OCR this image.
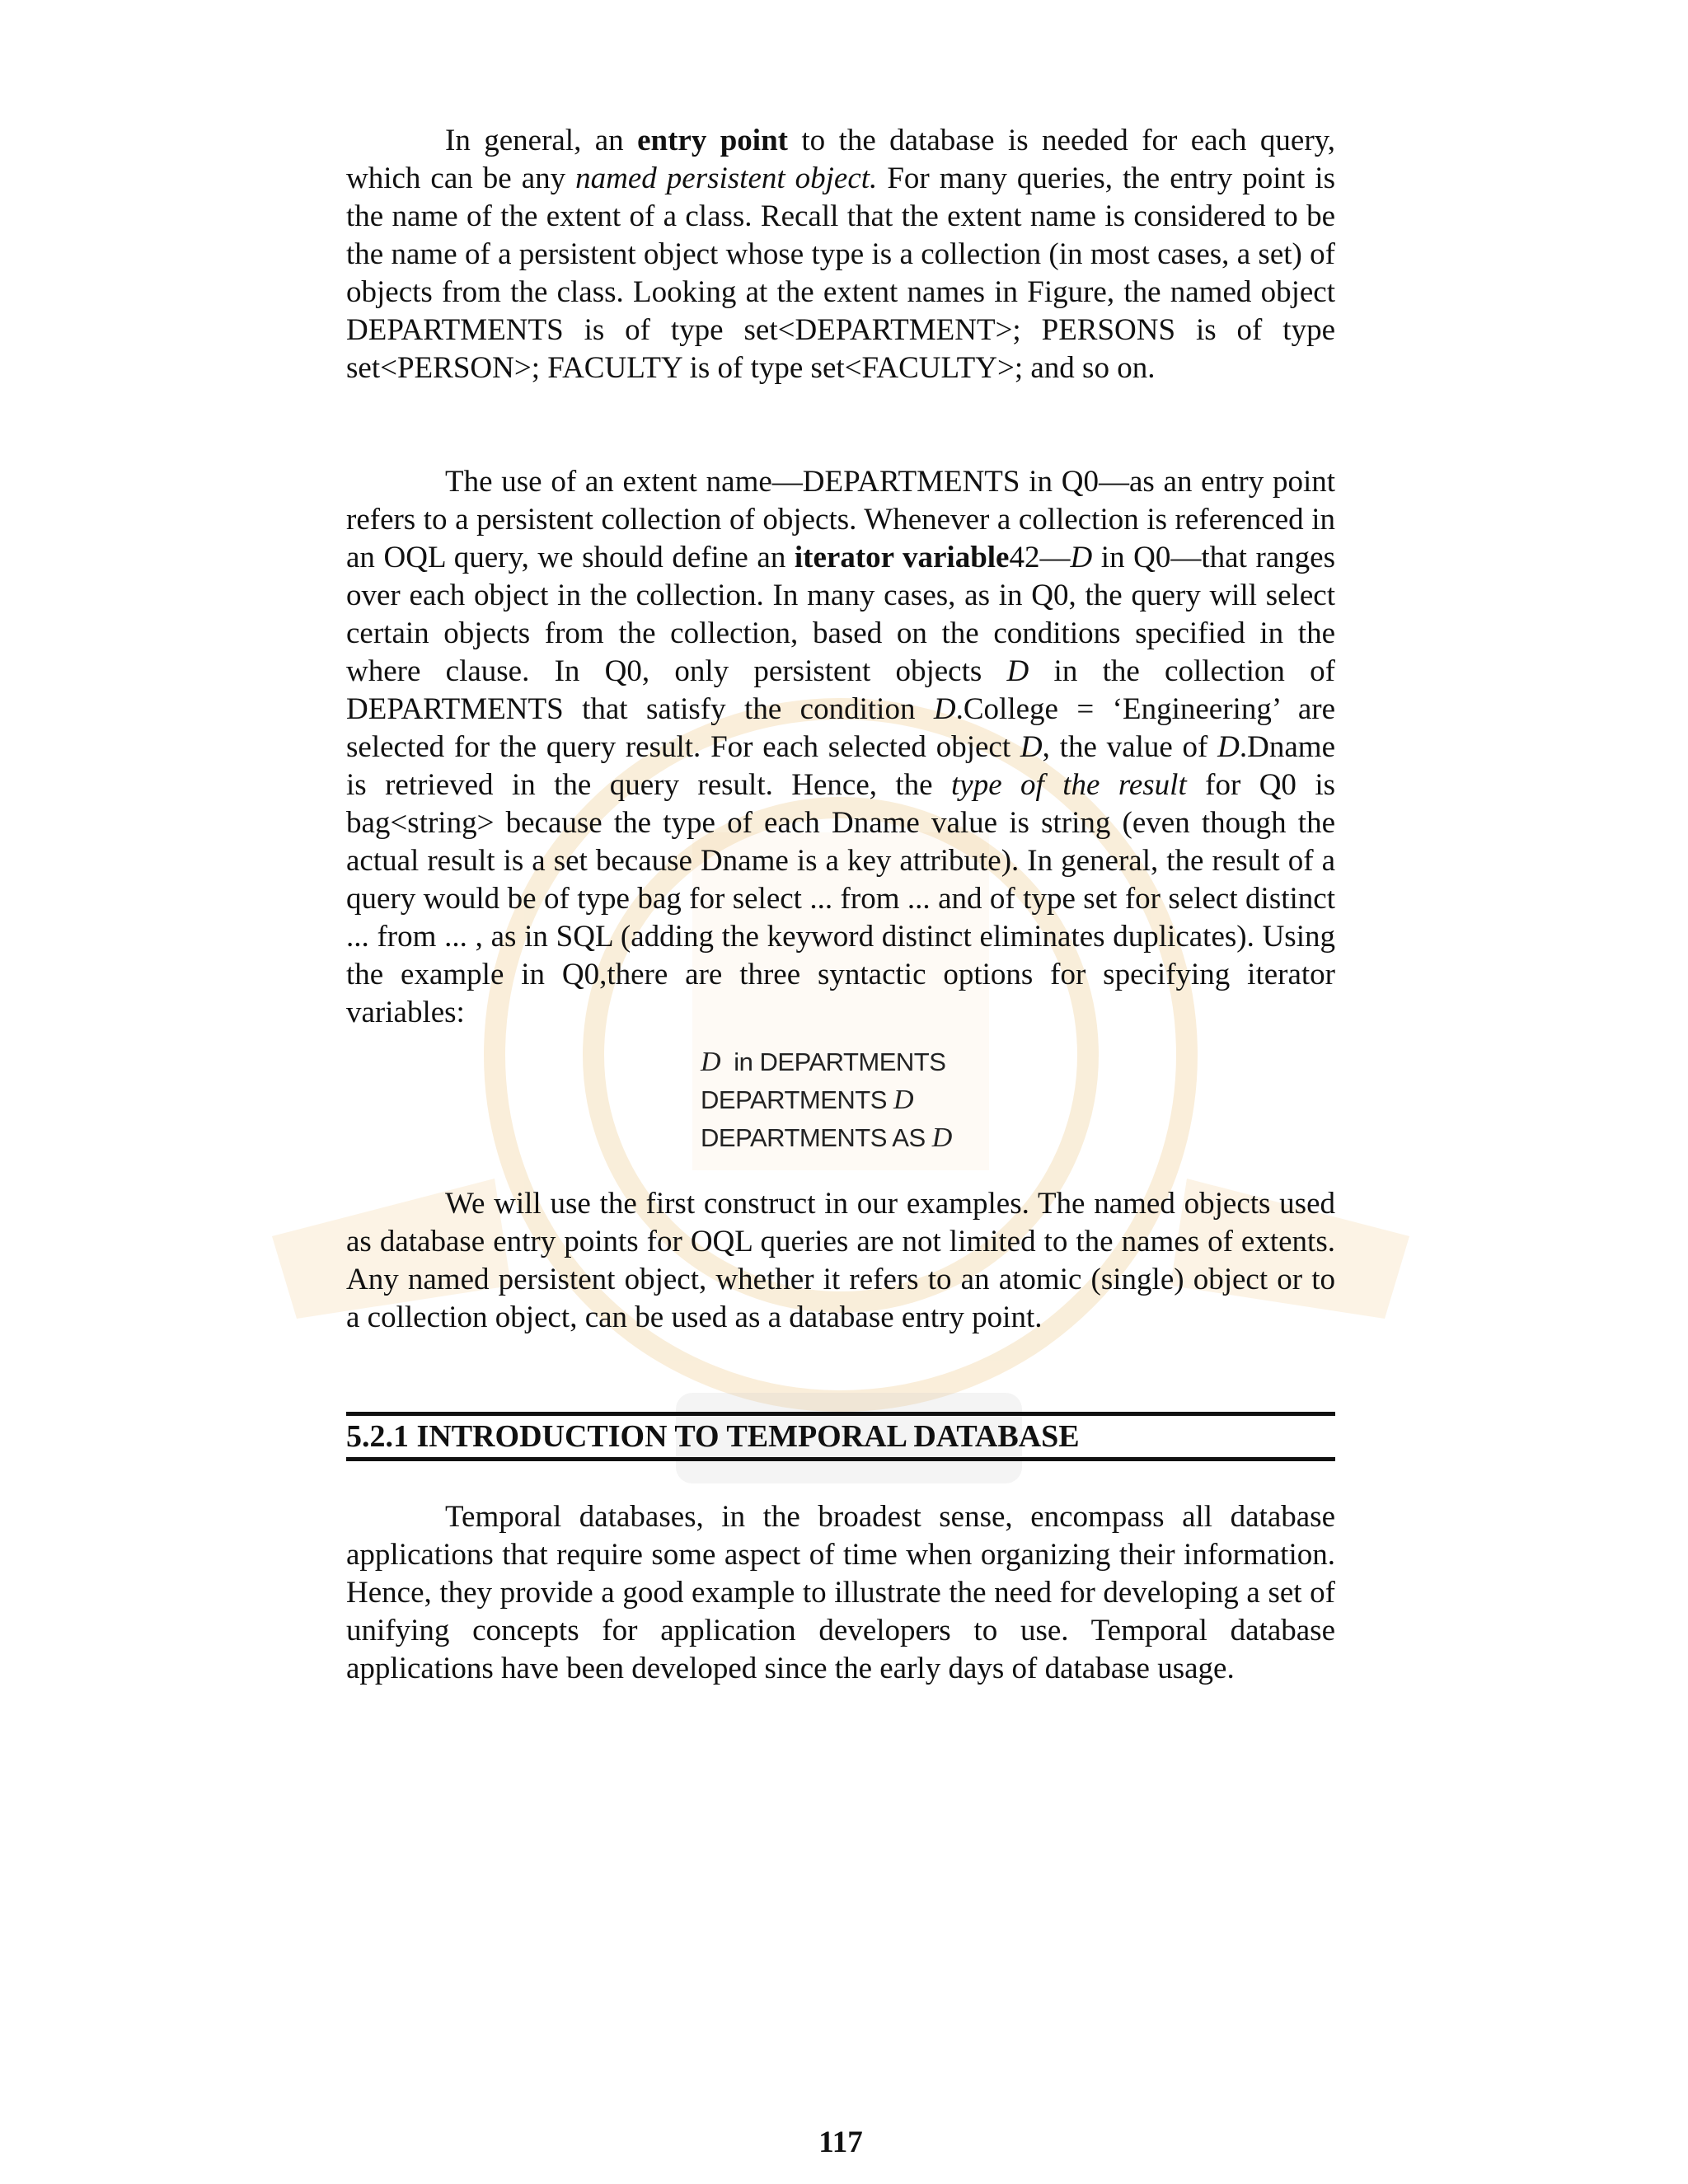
In general, an entry point to the database is needed for each query, which can be any named persistent object. For many queries, the entry point is the name of the extent of a class. Recall that the extent name is considered to be the name of a persistent object whose type is a collection (in most cases, a set) of objects from the class. Looking at the extent names in Figure, the named object DEPARTMENTS is of type set<DEPARTMENT>; PERSONS is of type set<PERSON>; FACULTY is of type set<FACULTY>; and so on.

The use of an extent name—DEPARTMENTS in Q0—as an entry point refers to a persistent collection of objects. Whenever a collection is referenced in an OQL query, we should define an iterator variable42—D in Q0—that ranges over each object in the collection. In many cases, as in Q0, the query will select certain objects from the collection, based on the conditions specified in the where clause. In Q0, only persistent objects D in the collection of DEPARTMENTS that satisfy the condition D.College = ‘Engineering’ are selected for the query result. For each selected object D, the value of D.Dname is retrieved in the query result. Hence, the type of the result for Q0 is bag<string> because the type of each Dname value is string (even though the actual result is a set because Dname is a key attribute). In general, the result of a query would be of type bag for select ... from ... and of type set for select distinct ... from ... , as in SQL (adding the keyword distinct eliminates duplicates). Using the example in Q0,there are three syntactic options for specifying iterator variables:

D  in DEPARTMENTS
DEPARTMENTS D
DEPARTMENTS AS D

We will use the first construct in our examples. The named objects used as database entry points for OQL queries are not limited to the names of extents. Any named persistent object, whether it refers to an atomic (single) object or to a collection object, can be used as a database entry point.

5.2.1 INTRODUCTION TO TEMPORAL DATABASE

Temporal databases, in the broadest sense, encompass all database applications that require some aspect of time when organizing their information. Hence, they provide a good example to illustrate the need for developing a set of unifying concepts for application developers to use. Temporal database applications have been developed since the early days of database usage.

117
